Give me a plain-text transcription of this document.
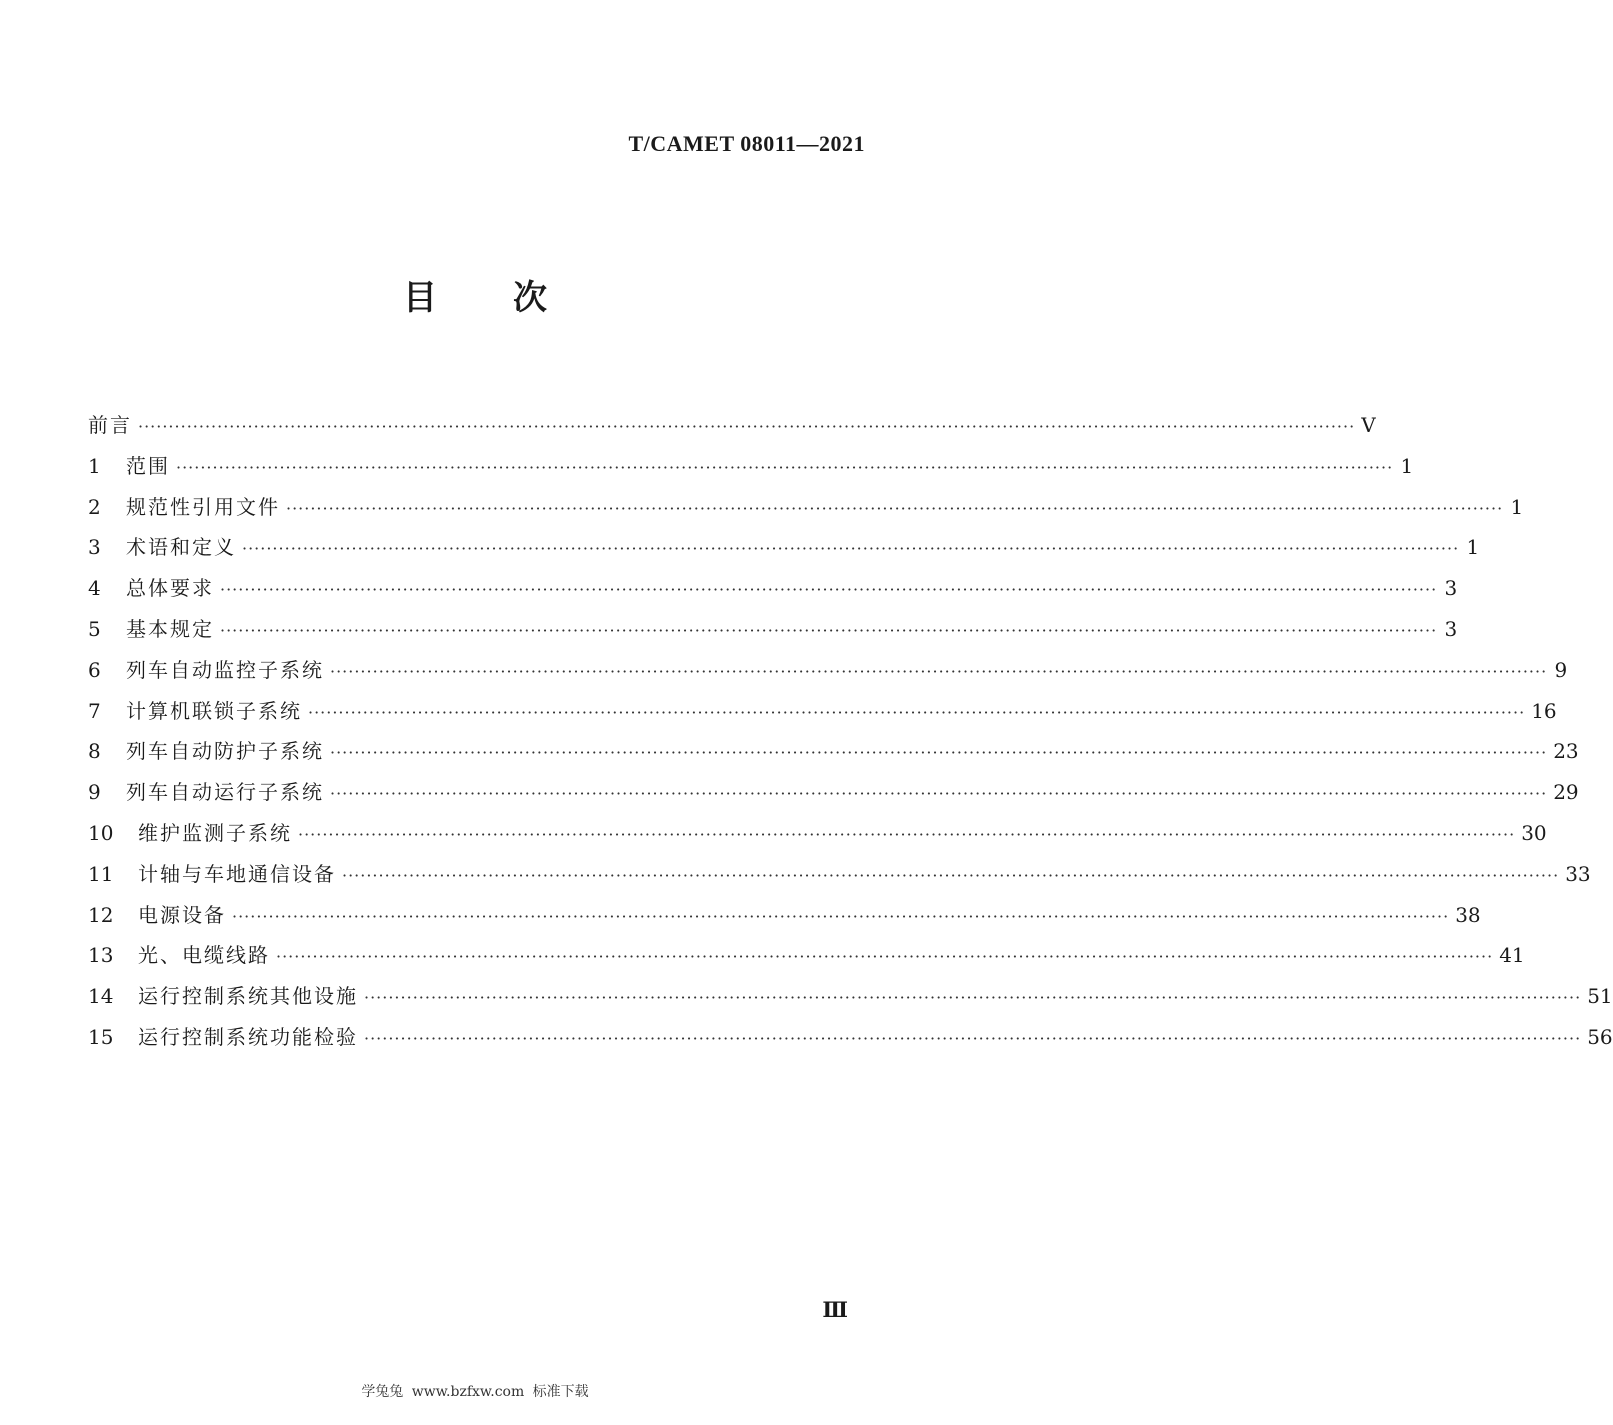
T/CAMET 08011—2021
目次
前言 ········································································································································································································ V
1	范围 ········································································································································································································ 1
2	规范性引用文件 ········································································································································································································ 1
3	术语和定义 ········································································································································································································ 1
4	总体要求 ········································································································································································································ 3
5	基本规定 ········································································································································································································ 3
6	列车自动监控子系统 ········································································································································································································ 9
7	计算机联锁子系统 ········································································································································································································ 16
8	列车自动防护子系统 ········································································································································································································ 23
9	列车自动运行子系统 ········································································································································································································ 29
10	维护监测子系统 ········································································································································································································ 30
11	计轴与车地通信设备 ········································································································································································································ 33
12	电源设备 ········································································································································································································ 38
13	光、电缆线路 ········································································································································································································ 41
14	运行控制系统其他设施 ········································································································································································································ 51
15	运行控制系统功能检验 ········································································································································································································ 56
Ⅲ
学兔兔 www.bzfxw.com 标准下载
